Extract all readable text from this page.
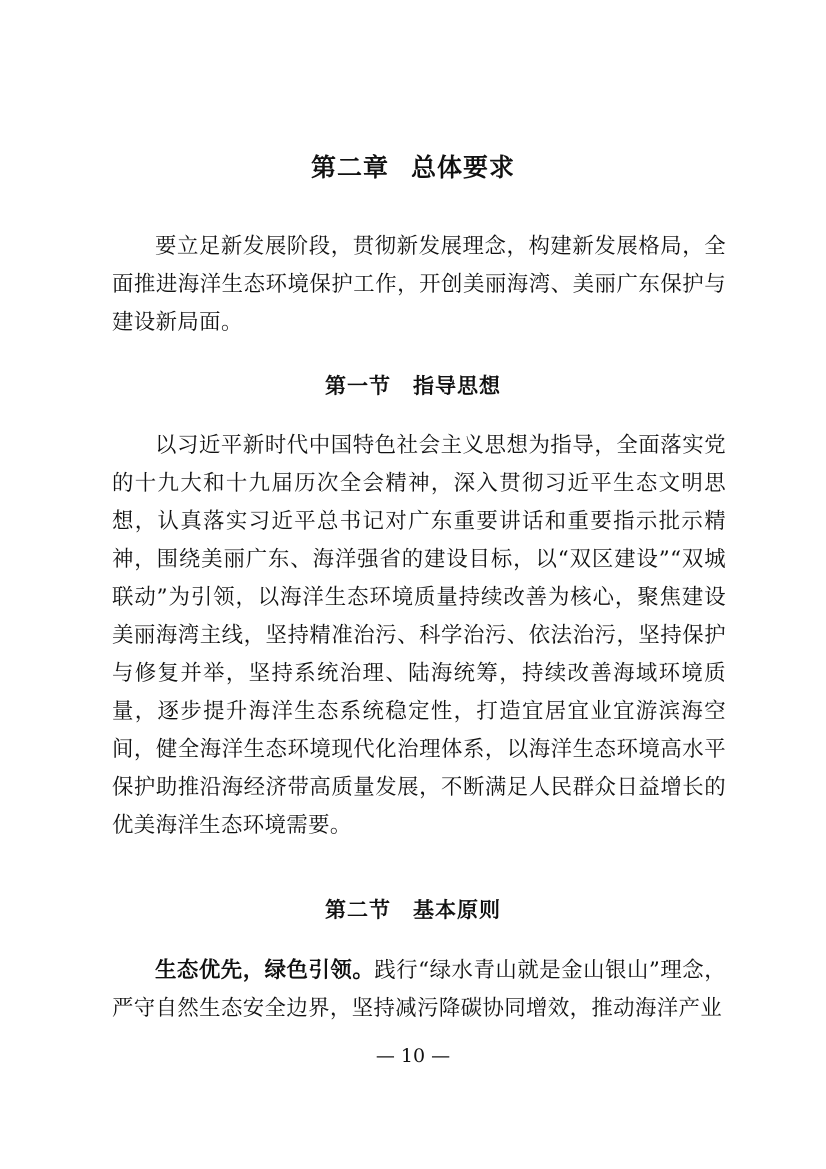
第二章 总体要求

要立足新发展阶段，贯彻新发展理念，构建新发展格局，全面推进海洋生态环境保护工作，开创美丽海湾、美丽广东保护与建设新局面。

第一节 指导思想

以习近平新时代中国特色社会主义思想为指导，全面落实党的十九大和十九届历次全会精神，深入贯彻习近平生态文明思想，认真落实习近平总书记对广东重要讲话和重要指示批示精神，围绕美丽广东、海洋强省的建设目标，以“双区建设”“双城联动”为引领，以海洋生态环境质量持续改善为核心，聚焦建设美丽海湾主线，坚持精准治污、科学治污、依法治污，坚持保护与修复并举，坚持系统治理、陆海统筹，持续改善海域环境质量，逐步提升海洋生态系统稳定性，打造宜居宜业宜游滨海空间，健全海洋生态环境现代化治理体系，以海洋生态环境高水平保护助推沿海经济带高质量发展，不断满足人民群众日益增长的优美海洋生态环境需要。

第二节 基本原则

生态优先，绿色引领。践行“绿水青山就是金山银山”理念，严守自然生态安全边界，坚持减污降碳协同增效，推动海洋产业

— 10 —
